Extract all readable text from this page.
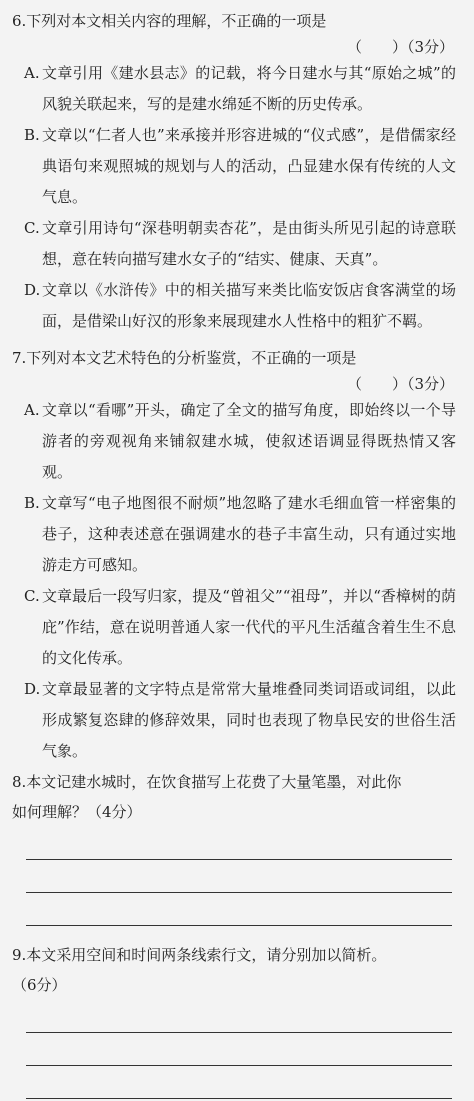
6.下列对本文相关内容的理解，不正确的一项是
（　　）（3分）
A. 文章引用《建水县志》的记载，将今日建水与其“原始之城”的风貌关联起来，写的是建水绵延不断的历史传承。
B. 文章以“仁者人也”来承接并形容进城的“仪式感”，是借儒家经典语句来观照城的规划与人的活动，凸显建水保有传统的人文气息。
C. 文章引用诗句“深巷明朝卖杏花”，是由街头所见引起的诗意联想，意在转向描写建水女子的“结实、健康、天真”。
D. 文章以《水浒传》中的相关描写来类比临安饭店食客满堂的场面，是借梁山好汉的形象来展现建水人性格中的粗犷不羁。
7.下列对本文艺术特色的分析鉴赏，不正确的一项是
（　　）（3分）
A. 文章以“看哪”开头，确定了全文的描写角度，即始终以一个导游者的旁观视角来铺叙建水城，使叙述语调显得既热情又客观。
B. 文章写“电子地图很不耐烦”地忽略了建水毛细血管一样密集的巷子，这种表述意在强调建水的巷子丰富生动，只有通过实地游走方可感知。
C. 文章最后一段写归家，提及“曾祖父”“祖母”，并以“香樟树的荫庇”作结，意在说明普通人家一代代的平凡生活蕴含着生生不息的文化传承。
D. 文章最显著的文字特点是常常大量堆叠同类词语或词组，以此形成繁复恣肆的修辞效果，同时也表现了物阜民安的世俗生活气象。
8.本文记建水城时，在饮食描写上花费了大量笔墨，对此你
如何理解？（4分）
9.本文采用空间和时间两条线索行文，请分别加以简析。
（6分）
